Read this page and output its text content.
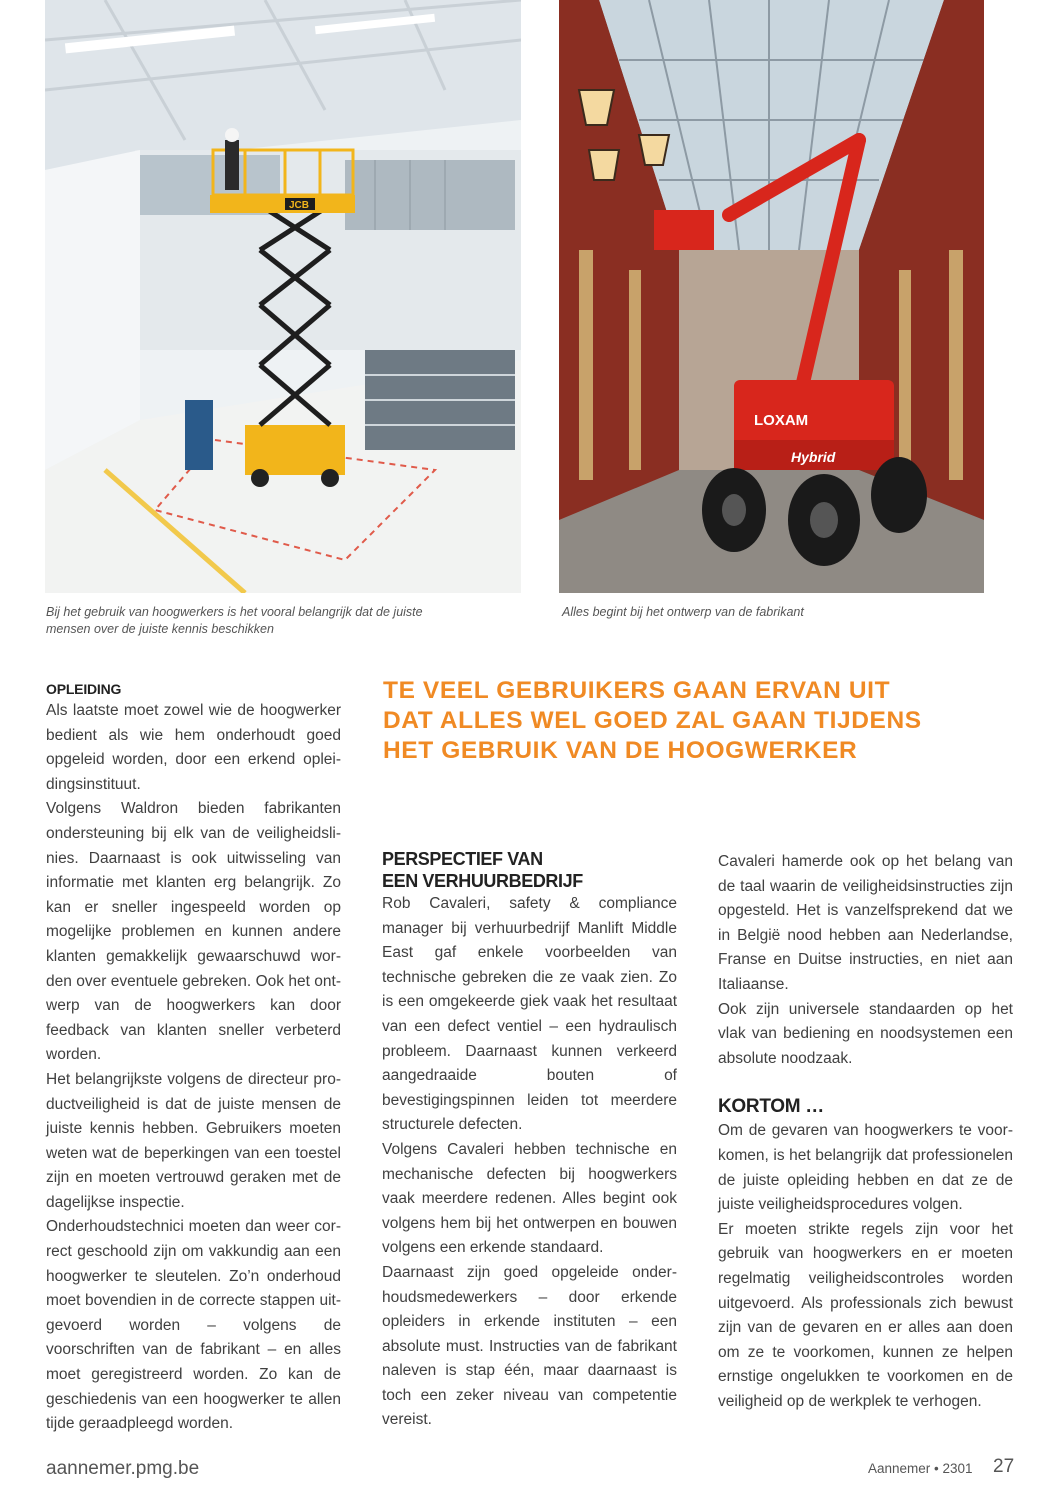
JCB
LOXAM
Hybrid
Bij het gebruik van hoogwerkers is het vooral belangrijk dat de juiste mensen over de juiste kennis beschikken
Alles begint bij het ontwerp van de fabrikant
OPLEIDING

Als laatste moet zowel wie de hoogwerker bedient als wie hem onderhoudt goed opgeleid worden, door een erkend opleidingsinstituut.

Volgens Waldron bieden fabrikanten ondersteuning bij elk van de veiligheidslinies. Daarnaast is ook uitwisseling van informatie met klanten erg belangrijk. Zo kan er sneller ingespeeld worden op mogelijke problemen en kunnen andere klanten gemakkelijk gewaarschuwd worden over eventuele gebreken. Ook het ontwerp van de hoogwerkers kan door feedback van klanten sneller verbeterd worden.

Het belangrijkste volgens de directeur productveiligheid is dat de juiste mensen de juiste kennis hebben. Gebruikers moeten weten wat de beperkingen van een toestel zijn en moeten vertrouwd geraken met de dagelijkse inspectie.

Onderhoudstechnici moeten dan weer correct geschoold zijn om vakkundig aan een hoogwerker te sleutelen. Zo’n onderhoud moet bovendien in de correcte stappen uitgevoerd worden – volgens de voorschriften van de fabrikant – en alles moet geregistreerd worden. Zo kan de geschiedenis van een hoogwerker te allen tijde geraadpleegd worden.

TE VEEL GEBRUIKERS GAAN ERVAN UIT
DAT ALLES WEL GOED ZAL GAAN TIJDENS
HET GEBRUIK VAN DE HOOGWERKER
PERSPECTIEF VAN
EEN VERHUURBEDRIJF

Rob Cavaleri, safety & compliance manager bij verhuurbedrijf Manlift Middle East gaf enkele voorbeelden van technische gebreken die ze vaak zien. Zo is een omgekeerde giek vaak het resultaat van een defect ventiel – een hydraulisch probleem. Daarnaast kunnen verkeerd aangedraaide bouten of bevestigingspinnen leiden tot meerdere structurele defecten.

Volgens Cavaleri hebben technische en mechanische defecten bij hoogwerkers vaak meerdere redenen. Alles begint ook volgens hem bij het ontwerpen en bouwen volgens een erkende standaard.

Daarnaast zijn goed opgeleide onderhoudsmedewerkers – door erkende opleiders in erkende instituten – een absolute must. Instructies van de fabrikant naleven is stap één, maar daarnaast is toch een zeker niveau van competentie vereist.

Cavaleri hamerde ook op het belang van de taal waarin de veiligheidsinstructies zijn opgesteld. Het is vanzelfsprekend dat we in België nood hebben aan Nederlandse, Franse en Duitse instructies, en niet aan Italiaanse.

Ook zijn universele standaarden op het vlak van bediening en noodsystemen een absolute noodzaak.

KORTOM …

Om de gevaren van hoogwerkers te voorkomen, is het belangrijk dat professionelen de juiste opleiding hebben en dat ze de juiste veiligheidsprocedures volgen.

Er moeten strikte regels zijn voor het gebruik van hoogwerkers en er moeten regelmatig veiligheidscontroles worden uitgevoerd. Als professionals zich bewust zijn van de gevaren en er alles aan doen om ze te voorkomen, kunnen ze helpen ernstige ongelukken te voorkomen en de veiligheid op de werkplek te verhogen.

aannemer.pmg.be	Aannemer • 2301 27
